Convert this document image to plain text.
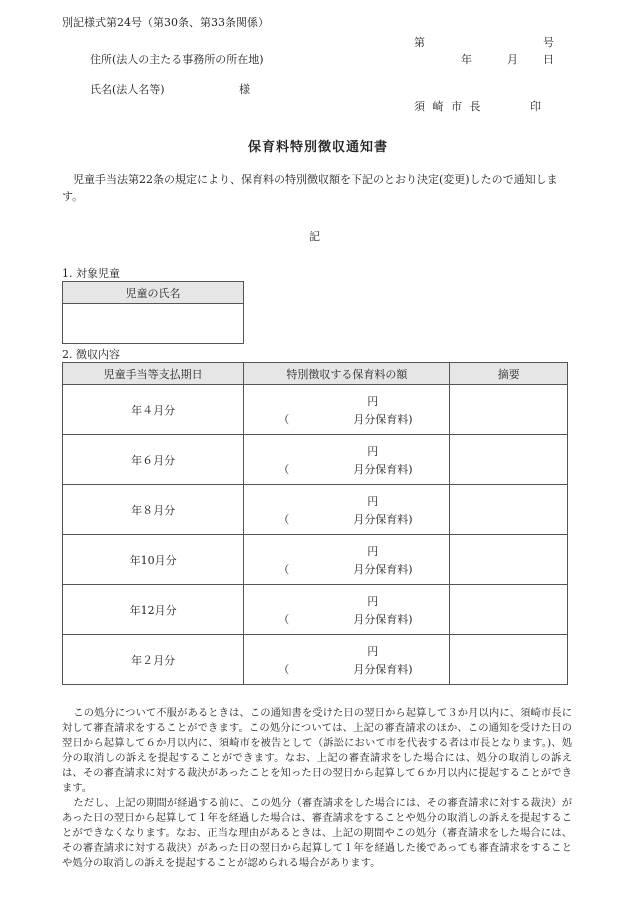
別記様式第24号（第30条、第33条関係）
第	号
住所(法人の主たる事務所の所在地)	年	月 日
氏名(法人名等)	様
須 崎 市 長	印
保育料特別徴収通知書
児童手当法第22条の規定により、保育料の特別徴収額を下記のとおり決定(変更)したので通知します。
記
1. 対象児童
児童の氏名

2. 徴収内容
児童手当等支払期日	特別徴収する保育料の額	摘要
年４月分	円
（ 月分保育料)	

年６月分	円
（ 月分保育料)	

年８月分	円
（ 月分保育料)	

年10月分	円
（ 月分保育料)	

年12月分	円
（ 月分保育料)	

年２月分	円
（ 月分保育料)	

この処分について不服があるときは、この通知書を受けた日の翌日から起算して３か月以内に、須崎市長に対して審査請求をすることができます。この処分については、上記の審査請求のほか、この通知を受けた日の翌日から起算して６か月以内に、須崎市を被告として（訴訟において市を代表する者は市長となります。)、処分の取消しの訴えを提起することができます。なお、上記の審査請求をした場合には、処分の取消しの訴えは、その審査請求に対する裁決があったことを知った日の翌日から起算して６か月以内に提起することができます。

ただし、上記の期間が経過する前に、この処分（審査請求をした場合には、その審査請求に対する裁決）があった日の翌日から起算して１年を経過した場合は、審査請求をすることや処分の取消しの訴えを提起することができなくなります。なお、正当な理由があるときは、上記の期間やこの処分（審査請求をした場合には、その審査請求に対する裁決）があった日の翌日から起算して１年を経過した後であっても審査請求をすることや処分の取消しの訴えを提起することが認められる場合があります。
